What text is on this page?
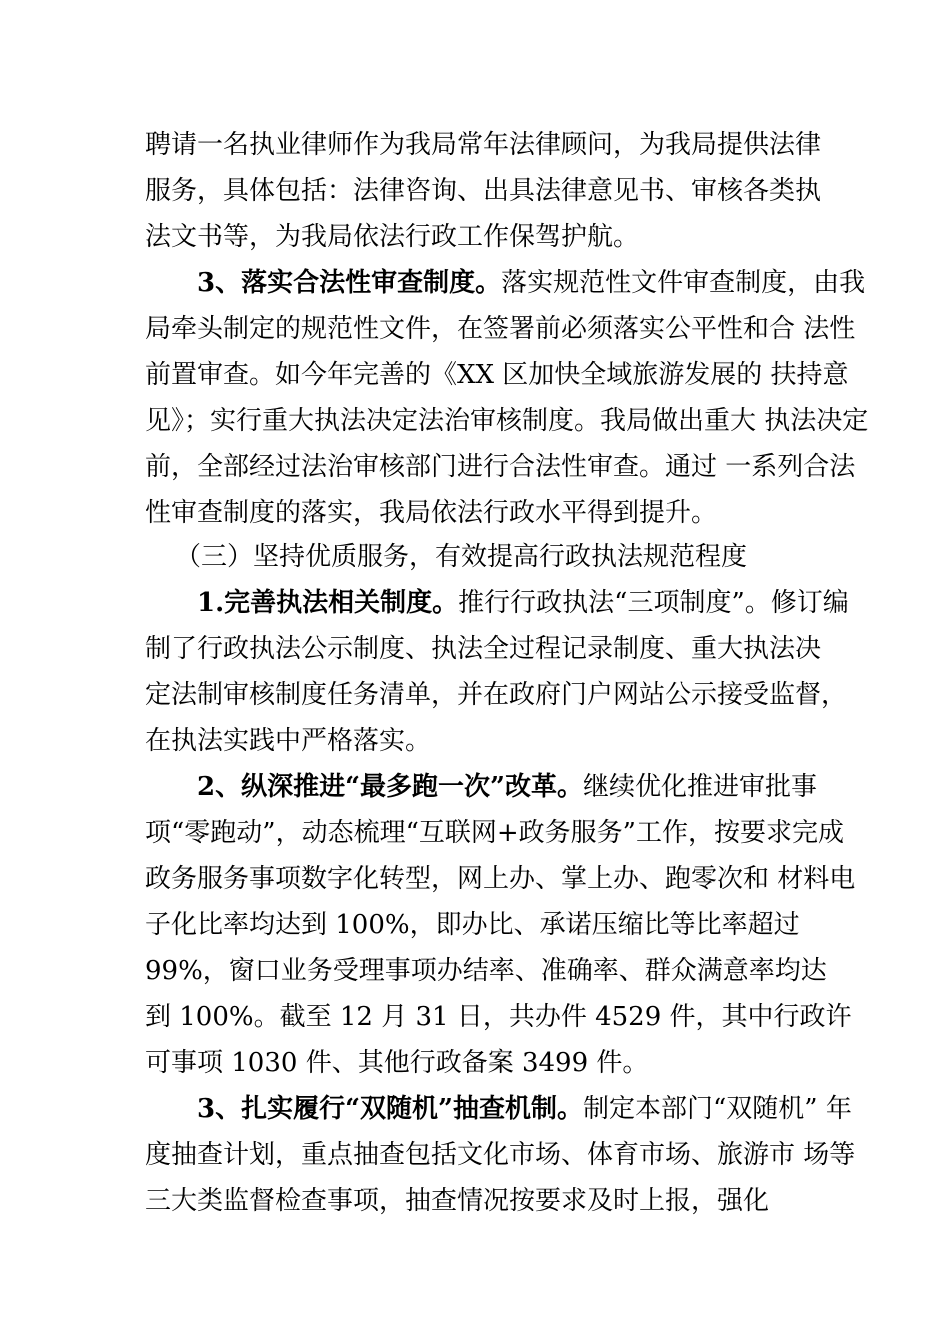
聘请一名执业律师作为我局常年法律顾问，为我局提供法律
服务，具体包括：法律咨询、出具法律意见书、审核各类执
法文书等，为我局依法行政工作保驾护航。
3、落实合法性审查制度。落实规范性文件审查制度，由我
局牵头制定的规范性文件，在签署前必须落实公平性和合 法性
前置审查。如今年完善的《XX 区加快全域旅游发展的 扶持意
见》；实行重大执法决定法治审核制度。我局做出重大 执法决定
前，全部经过法治审核部门进行合法性审查。通过 一系列合法
性审查制度的落实，我局依法行政水平得到提升。
（三）坚持优质服务，有效提高行政执法规范程度
1.完善执法相关制度。推行行政执法“三项制度”。修订编
制了行政执法公示制度、执法全过程记录制度、重大执法决
定法制审核制度任务清单，并在政府门户网站公示接受监督，
在执法实践中严格落实。
2、纵深推进“最多跑一次”改革。继续优化推进审批事
项“零跑动”，动态梳理“互联网+政务服务”工作，按要求完成
政务服务事项数字化转型，网上办、掌上办、跑零次和 材料电
子化比率均达到 100%，即办比、承诺压缩比等比率超过
99%，窗口业务受理事项办结率、准确率、群众满意率均达
到 100%。截至 12 月 31 日，共办件 4529 件，其中行政许
可事项 1030 件、其他行政备案 3499 件。
3、扎实履行“双随机”抽查机制。制定本部门“双随机” 年
度抽查计划，重点抽查包括文化市场、体育市场、旅游市 场等
三大类监督检查事项，抽查情况按要求及时上报，强化
